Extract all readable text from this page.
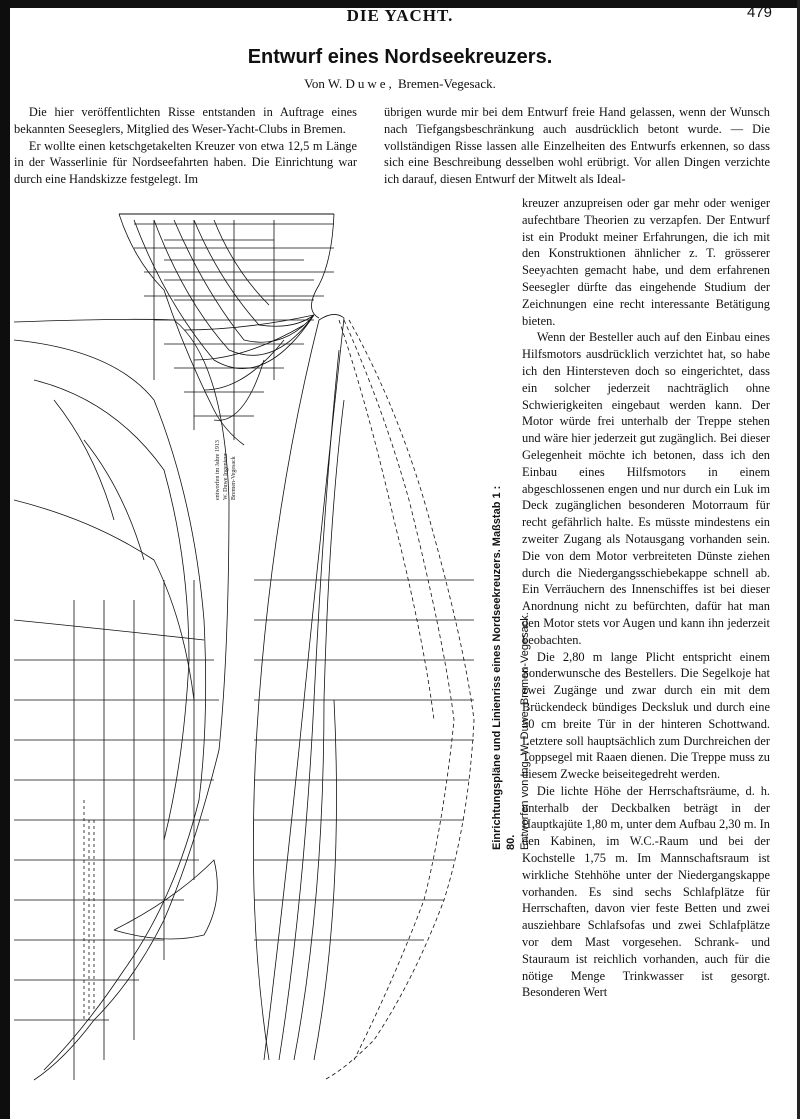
DIE YACHT.	479
Entwurf eines Nordseekreuzers.
Von W. Duwe, Bremen-Vegesack.

Die hier veröffentlichten Risse entstanden in Auftrage eines bekannten Seeseglers, Mitglied des Weser-Yacht-Clubs in Bremen.

Er wollte einen ketschgetakelten Kreuzer von etwa 12,5 m Länge in der Wasserlinie für Nordseefahrten haben. Die Einrichtung war durch eine Handskizze festgelegt. Im

übrigen wurde mir bei dem Entwurf freie Hand gelassen, wenn der Wunsch nach Tiefgangsbeschränkung auch ausdrücklich betont wurde. — Die vollständigen Risse lassen alle Einzelheiten des Entwurfs erkennen, so dass sich eine Beschreibung desselben wohl erübrigt. Vor allen Dingen verzichte ich darauf, diesen Entwurf der Mitwelt als Ideal-

kreuzer anzupreisen oder gar mehr oder weniger aufechtbare Theorien zu verzapfen. Der Entwurf ist ein Produkt meiner Erfahrungen, die ich mit den Konstruktionen ähnlicher z. T. grösserer Seeyachten gemacht habe, und dem erfahrenen Seesegler dürfte das eingehende Studium der Zeichnungen eine recht interessante Betätigung bieten.

Wenn der Besteller auch auf den Einbau eines Hilfsmotors ausdrücklich verzichtet hat, so habe ich den Hintersteven doch so eingerichtet, dass ein solcher jederzeit nachträglich ohne Schwierigkeiten eingebaut werden kann. Der Motor würde frei unterhalb der Treppe stehen und wäre hier jederzeit gut zugänglich. Bei dieser Gelegenheit möchte ich betonen, dass ich den Einbau eines Hilfsmotors in einem abgeschlossenen engen und nur durch ein Luk im Deck zugänglichen besonderen Motorraum für recht gefährlich halte. Es müsste mindestens ein zweiter Zugang als Notausgang vorhanden sein. Die von dem Motor verbreiteten Dünste ziehen durch die Niedergangsschiebekappe schnell ab. Ein Verräuchern des Innenschiffes ist bei dieser Anordnung nicht zu befürchten, dafür hat man den Motor stets vor Augen und kann ihn jederzeit beobachten.

Die 2,80 m lange Plicht entspricht einem Sonderwunsche des Bestellers. Die Segelkoje hat zwei Zugänge und zwar durch ein mit dem Brückendeck bündiges Decksluk und durch eine 50 cm breite Tür in der hinteren Schottwand. Letztere soll hauptsächlich zum Durchreichen der Toppsegel mit Raaen dienen. Die Treppe muss zu diesem Zwecke beiseitegedreht werden.

Die lichte Höhe der Herrschaftsräume, d. h. unterhalb der Deckbalken beträgt in der Hauptkajüte 1,80 m, unter dem Aufbau 2,30 m. In den Kabinen, im W.C.-Raum und bei der Kochstelle 1,75 m. Im Mannschaftsraum ist wirkliche Stehhöhe unter der Niedergangskappe vorhanden. Es sind sechs Schlafplätze für Herrschaften, davon vier feste Betten und zwei ausziehbare Schlafsofas und zwei Schlafplätze vor dem Mast vorgesehen. Schrank- und Stauraum ist reichlich vorhanden, auch für die nötige Menge Trinkwasser ist gesorgt. Besonderen Wert

entworfen im Jahre 1913 W. Duwe Ingenieur Bremen-Vegesack
Einrichtungspläne und Linienriss eines Nordseekreuzers. Maßstab 1 : 80. Entworfen von Ing. W. Duwe, Bremen-Vegesack.
